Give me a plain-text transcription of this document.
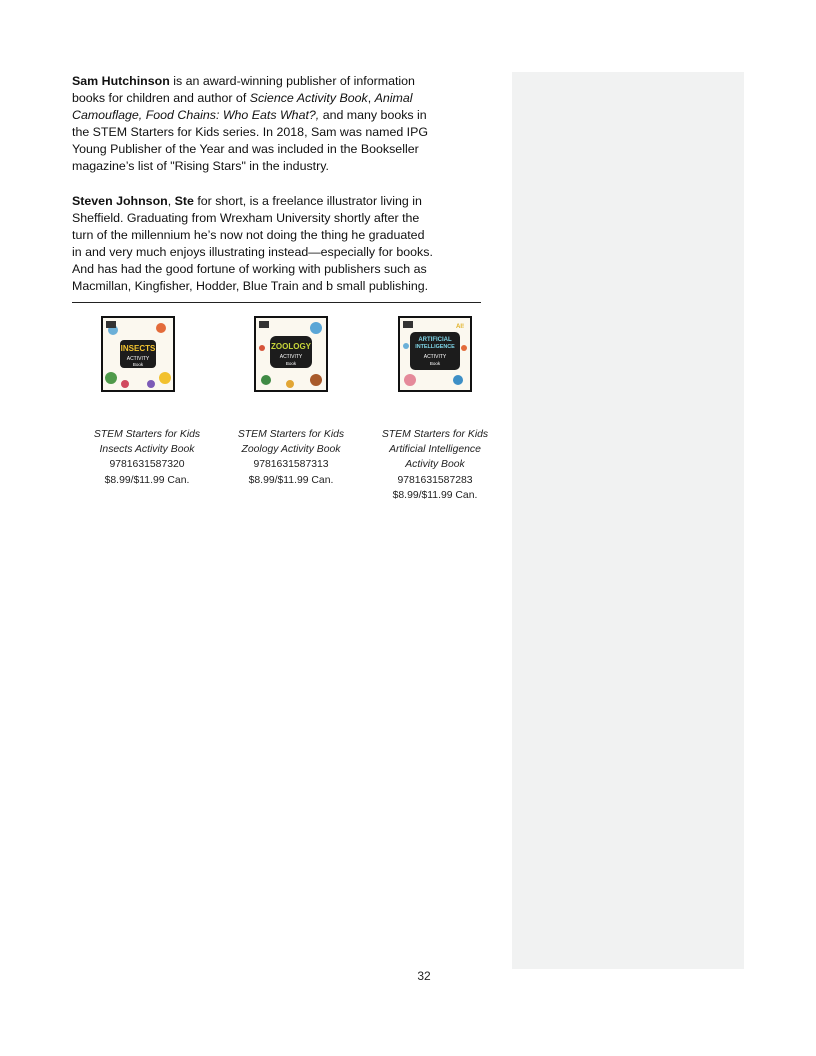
Sam Hutchinson is an award-winning publisher of information

books for children and author of Science Activity Book, Animal

Camouflage, Food Chains: Who Eats What?, and many books in

the STEM Starters for Kids series. In 2018, Sam was named IPG

Young Publisher of the Year and was included in the Bookseller

magazine’s list of "Rising Stars" in the industry.

Steven Johnson, Ste for short, is a freelance illustrator living in

Sheffield. Graduating from Wrexham University shortly after the

turn of the millennium he’s now not doing the thing he graduated

in and very much enjoys illustrating instead—especially for books.

And has had the good fortune of working with publishers such as

Macmillan, Kingfisher, Hodder, Blue Train and b small publishing.

INSECTS
ACTIVITY
Book
ZOOLOGY
ACTIVITY
Book
AI!
ARTIFICIAL
INTELLIGENCE
ACTIVITY
Book
STEM Starters for Kids
Insects Activity Book
9781631587320
$8.99/$11.99 Can.
STEM Starters for Kids
Zoology Activity Book
9781631587313
$8.99/$11.99 Can.
STEM Starters for Kids
Artificial Intelligence
Activity Book
9781631587283
$8.99/$11.99 Can.
32
